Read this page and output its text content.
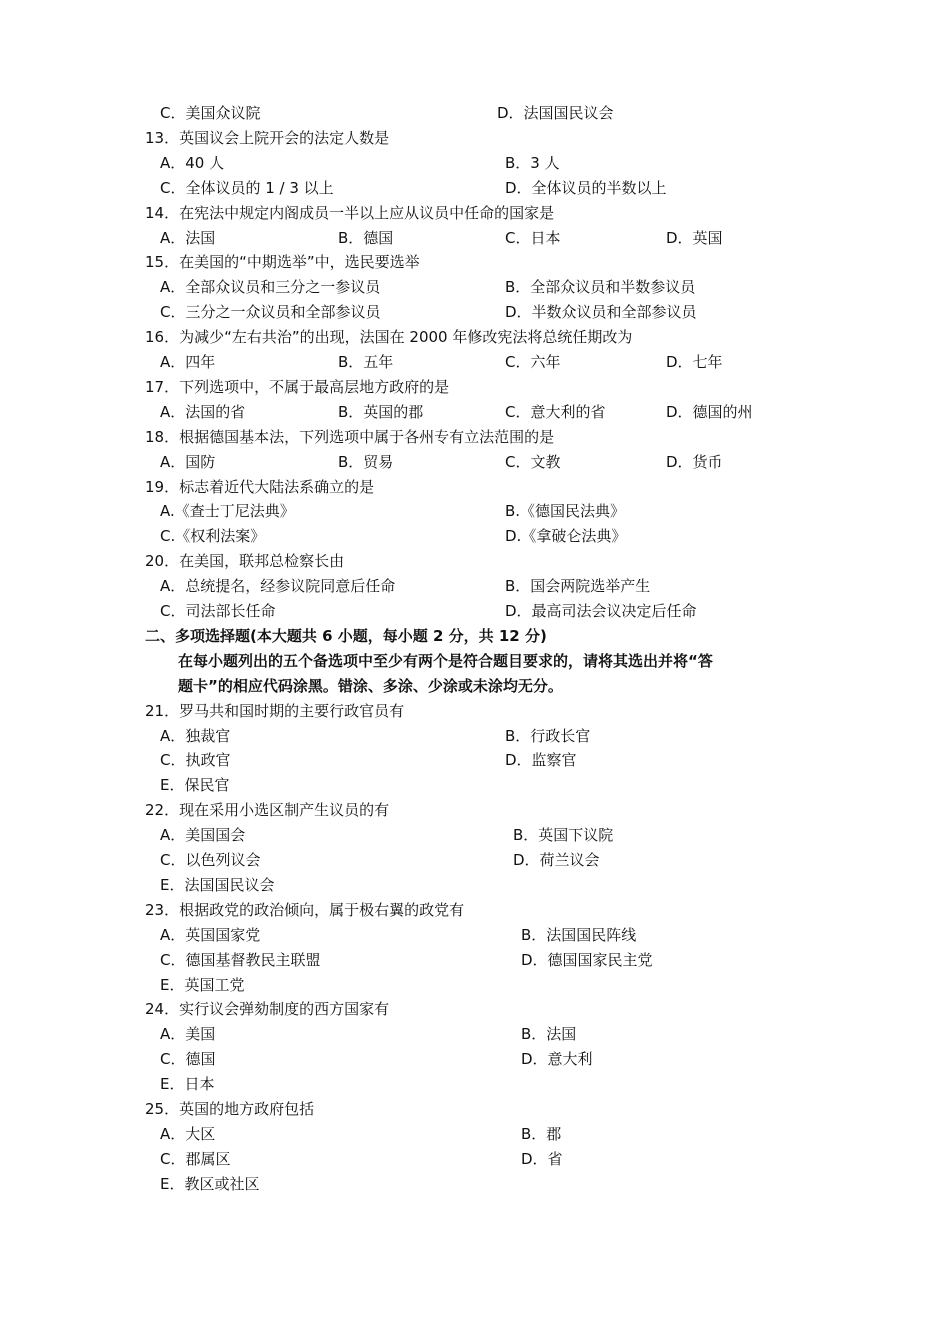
C．美国众议院	D．法国国民议会
13．英国议会上院开会的法定人数是
A．40 人	B．3 人
C．全体议员的 1 / 3 以上	D．全体议员的半数以上
14．在宪法中规定内阁成员一半以上应从议员中任命的国家是
A．法国	B．德国	C．日本	D．英国
15．在美国的“中期选举”中，选民要选举
A．全部众议员和三分之一参议员	B．全部众议员和半数参议员
C．三分之一众议员和全部参议员	D．半数众议员和全部参议员
16．为减少“左右共治”的出现，法国在 2000 年修改宪法将总统任期改为
A．四年	B．五年	C．六年	D．七年
17．下列选项中，不属于最高层地方政府的是
A．法国的省	B．英国的郡	C．意大利的省	D．德国的州
18．根据德国基本法，下列选项中属于各州专有立法范围的是
A．国防	B．贸易	C．文教	D．货币
19．标志着近代大陆法系确立的是
A.《查士丁尼法典》	B.《德国民法典》
C.《权利法案》	D.《拿破仑法典》
20．在美国，联邦总检察长由
A．总统提名，经参议院同意后任命	B．国会两院选举产生
C．司法部长任命	D．最高司法会议决定后任命
二、多项选择题(本大题共 6 小题，每小题 2 分，共 12 分)
在每小题列出的五个备选项中至少有两个是符合题目要求的，请将其选出并将“答
题卡”的相应代码涂黑。错涂、多涂、少涂或未涂均无分。
21．罗马共和国时期的主要行政官员有
A．独裁官	B．行政长官
C．执政官	D．监察官
E．保民官
22．现在采用小选区制产生议员的有
A．美国国会	B．英国下议院
C．以色列议会	D．荷兰议会
E．法国国民议会
23．根据政党的政治倾向，属于极右翼的政党有
A．英国国家党	B．法国国民阵线
C．德国基督教民主联盟	D．德国国家民主党
E．英国工党
24．实行议会弹劾制度的西方国家有
A．美国	B．法国
C．德国	D．意大利
E．日本
25．英国的地方政府包括
A．大区	B．郡
C．郡属区	D．省
E．教区或社区
